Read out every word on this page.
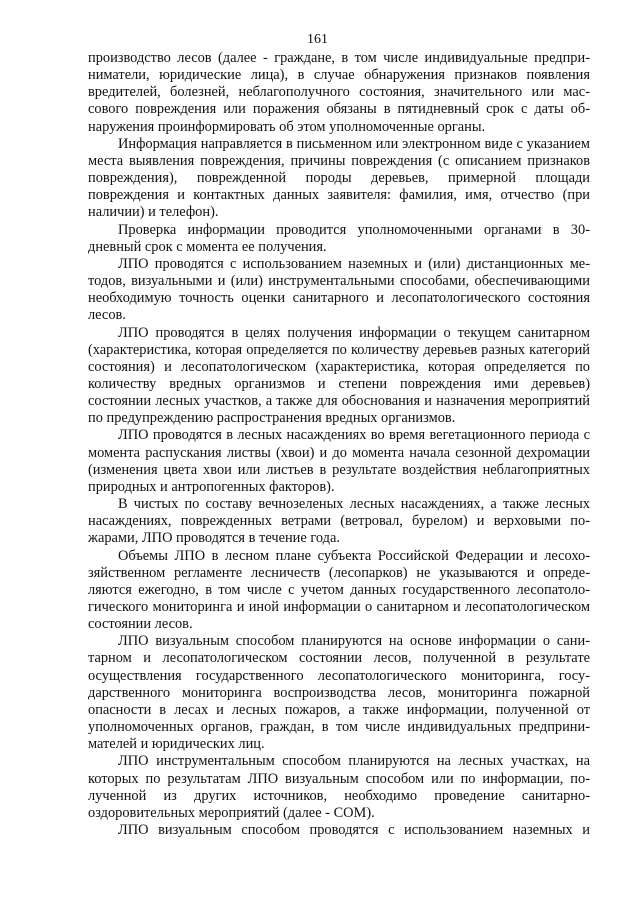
161

производство лесов (далее - граждане, в том числе индивидуальные предприниматели, юридические лица), в случае обнаружения признаков появления вредителей, болезней, неблагополучного состояния, значительного или массового повреждения или поражения обязаны в пятидневный срок с даты обнаружения проинформировать об этом уполномоченные органы.

Информация направляется в письменном или электронном виде с указанием места выявления повреждения, причины повреждения (с описанием признаков повреждения), поврежденной породы деревьев, примерной площади повреждения и контактных данных заявителя: фамилия, имя, отчество (при наличии) и телефон).

Проверка информации проводится уполномоченными органами в 30-дневный срок с момента ее получения.

ЛПО проводятся с использованием наземных и (или) дистанционных методов, визуальными и (или) инструментальными способами, обеспечивающими необходимую точность оценки санитарного и лесопатологического состояния лесов.

ЛПО проводятся в целях получения информации о текущем санитарном (характеристика, которая определяется по количеству деревьев разных категорий состояния) и лесопатологическом (характеристика, которая определяется по количеству вредных организмов и степени повреждения ими деревьев) состоянии лесных участков, а также для обоснования и назначения мероприятий по предупреждению распространения вредных организмов.

ЛПО проводятся в лесных насаждениях во время вегетационного периода с момента распускания листвы (хвои) и до момента начала сезонной дехромации (изменения цвета хвои или листьев в результате воздействия неблагоприятных природных и антропогенных факторов).

В чистых по составу вечнозеленых лесных насаждениях, а также лесных насаждениях, поврежденных ветрами (ветровал, бурелом) и верховыми пожарами, ЛПО проводятся в течение года.

Объемы ЛПО в лесном плане субъекта Российской Федерации и лесохозяйственном регламенте лесничеств (лесопарков) не указываются и определяются ежегодно, в том числе с учетом данных государственного лесопатологического мониторинга и иной информации о санитарном и лесопатологическом состоянии лесов.

ЛПО визуальным способом планируются на основе информации о санитарном и лесопатологическом состоянии лесов, полученной в результате осуществления государственного лесопатологического мониторинга, государственного мониторинга воспроизводства лесов, мониторинга пожарной опасности в лесах и лесных пожаров, а также информации, полученной от уполномоченных органов, граждан, в том числе индивидуальных предпринимателей и юридических лиц.

ЛПО инструментальным способом планируются на лесных участках, на которых по результатам ЛПО визуальным способом или по информации, полученной из других источников, необходимо проведение санитарно-оздоровительных мероприятий (далее - СОМ).

ЛПО визуальным способом проводятся с использованием наземных и
